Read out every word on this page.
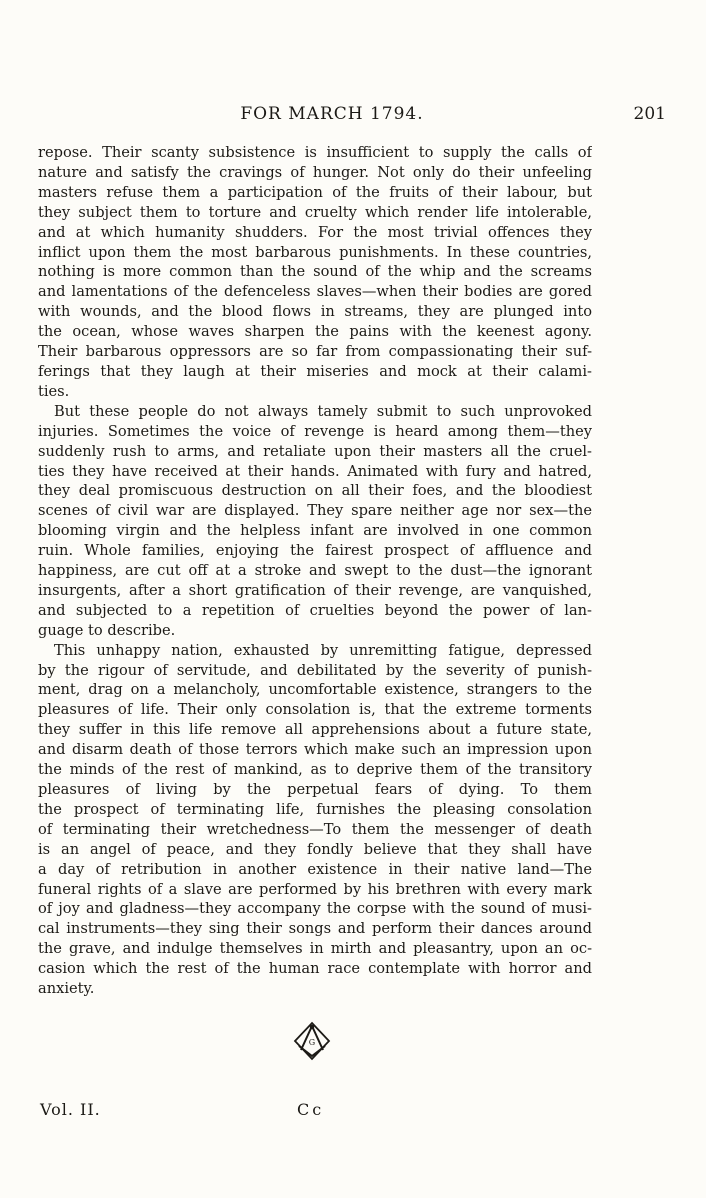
FOR MARCH 1794.	201
repose. Their scanty subsistence is insufficient to supply the calls of
nature and satisfy the cravings of hunger. Not only do their unfeeling
masters refuse them a participation of the fruits of their labour, but
they subject them to torture and cruelty which render life intolerable,
and at which humanity shudders. For the most trivial offences they
inflict upon them the most barbarous punishments. In these countries,
nothing is more common than the sound of the whip and the screams
and lamentations of the defenceless slaves—when their bodies are gored
with wounds, and the blood flows in streams, they are plunged into
the ocean, whose waves sharpen the pains with the keenest agony.
Their barbarous oppressors are so far from compassionating their suf-
ferings that they laugh at their miseries and mock at their calami-
ties.
But these people do not always tamely submit to such unprovoked
injuries. Sometimes the voice of revenge is heard among them—they
suddenly rush to arms, and retaliate upon their masters all the cruel-
ties they have received at their hands. Animated with fury and hatred,
they deal promiscuous destruction on all their foes, and the bloodiest
scenes of civil war are displayed. They spare neither age nor sex—the
blooming virgin and the helpless infant are involved in one common
ruin. Whole families, enjoying the fairest prospect of affluence and
happiness, are cut off at a stroke and swept to the dust—the ignorant
insurgents, after a short gratification of their revenge, are vanquished,
and subjected to a repetition of cruelties beyond the power of lan-
guage to describe.
This unhappy nation, exhausted by unremitting fatigue, depressed
by the rigour of servitude, and debilitated by the severity of punish-
ment, drag on a melancholy, uncomfortable existence, strangers to the
pleasures of life. Their only consolation is, that the extreme torments
they suffer in this life remove all apprehensions about a future state,
and disarm death of those terrors which make such an impression upon
the minds of the rest of mankind, as to deprive them of the transitory
pleasures of living by the perpetual fears of dying. To them
the prospect of terminating life, furnishes the pleasing consolation
of terminating their wretchedness—To them the messenger of death
is an angel of peace, and they fondly believe that they shall have
a day of retribution in another existence in their native land—The
funeral rights of a slave are performed by his brethren with every mark
of joy and gladness—they accompany the corpse with the sound of musi-
cal instruments—they sing their songs and perform their dances around
the grave, and indulge themselves in mirth and pleasantry, upon an oc-
casion which the rest of the human race contemplate with horror and
anxiety.
G
Vol. II.	Cc
